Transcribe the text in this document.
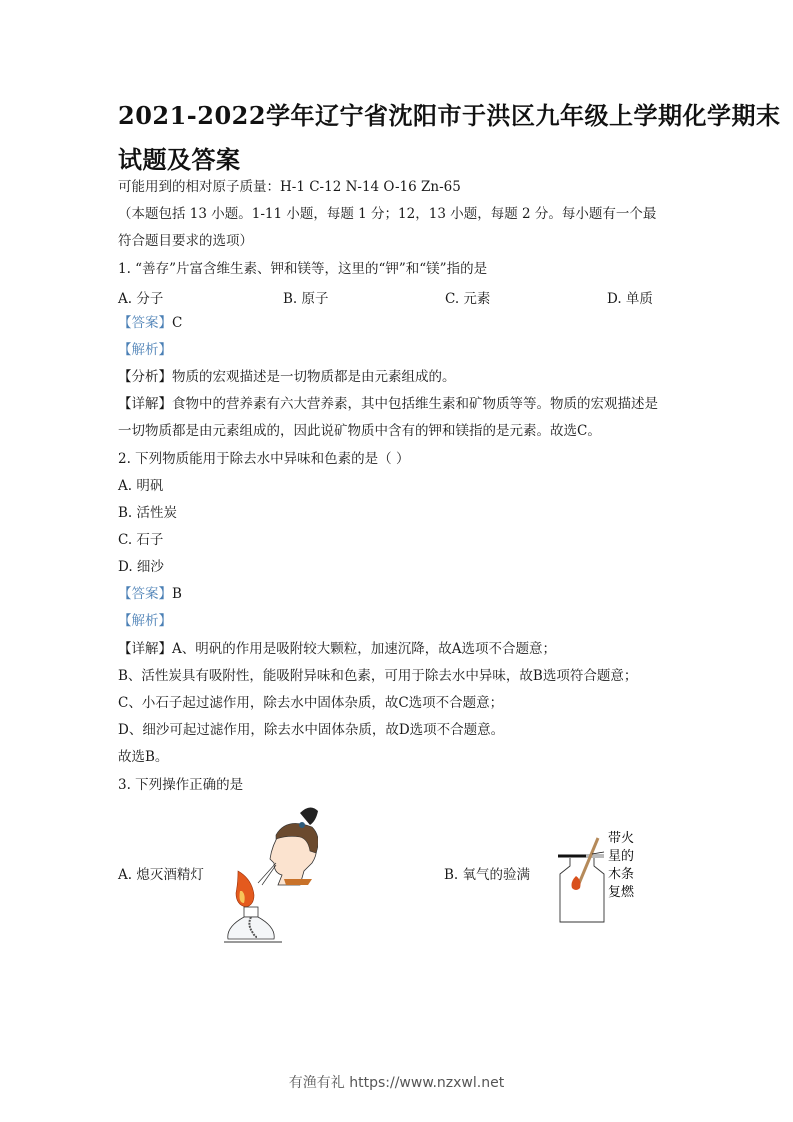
2021-2022学年辽宁省沈阳市于洪区九年级上学期化学期末
试题及答案
可能用到的相对原子质量：H-1 C-12 N-14 O-16 Zn-65
（本题包括 13 小题。1-11 小题，每题 1 分；12，13 小题，每题 2 分。每小题有一个最
符合题目要求的选项）
1. “善存”片富含维生素、钾和镁等，这里的“钾”和“镁”指的是
A. 分子	B. 原子	C. 元素	D. 单质
【答案】C
【解析】
【分析】物质的宏观描述是一切物质都是由元素组成的。
【详解】食物中的营养素有六大营养素，其中包括维生素和矿物质等等。物质的宏观描述是
一切物质都是由元素组成的，因此说矿物质中含有的钾和镁指的是元素。故选C。
2. 下列物质能用于除去水中异味和色素的是（ ）
A. 明矾
B. 活性炭
C. 石子
D. 细沙
【答案】B
【解析】
【详解】A、明矾的作用是吸附较大颗粒，加速沉降，故A选项不合题意；
B、活性炭具有吸附性，能吸附异味和色素，可用于除去水中异味，故B选项符合题意；
C、小石子起过滤作用，除去水中固体杂质，故C选项不合题意；
D、细沙可起过滤作用，除去水中固体杂质，故D选项不合题意。
故选B。
3. 下列操作正确的是
A. 熄灭酒精灯	B. 氧气的验满
带火
星的
木条
复燃
有渔有礼 https://www.nzxwl.net
